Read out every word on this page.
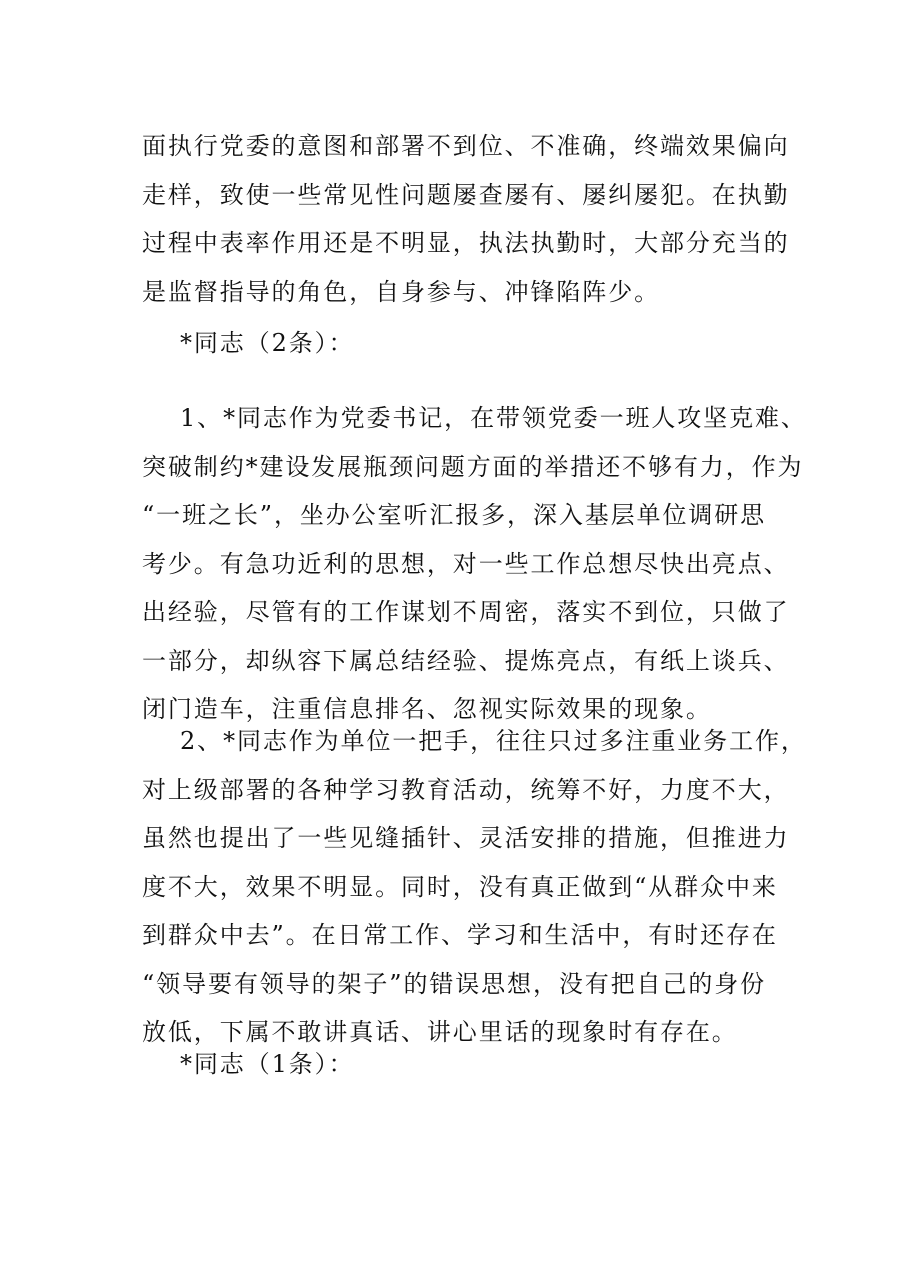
面执行党委的意图和部署不到位、不准确，终端效果偏向
走样，致使一些常见性问题屡查屡有、屡纠屡犯。在执勤
过程中表率作用还是不明显，执法执勤时，大部分充当的
是监督指导的角色，自身参与、冲锋陷阵少。

*同志（2条）：

1、*同志作为党委书记，在带领党委一班人攻坚克难、
突破制约*建设发展瓶颈问题方面的举措还不够有力，作为
“一班之长”，坐办公室听汇报多，深入基层单位调研思
考少。有急功近利的思想，对一些工作总想尽快出亮点、
出经验，尽管有的工作谋划不周密，落实不到位，只做了
一部分，却纵容下属总结经验、提炼亮点，有纸上谈兵、
闭门造车，注重信息排名、忽视实际效果的现象。

2、*同志作为单位一把手，往往只过多注重业务工作，
对上级部署的各种学习教育活动，统筹不好，力度不大，
虽然也提出了一些见缝插针、灵活安排的措施，但推进力
度不大，效果不明显。同时，没有真正做到“从群众中来
到群众中去”。在日常工作、学习和生活中，有时还存在
“领导要有领导的架子”的错误思想，没有把自己的身份
放低，下属不敢讲真话、讲心里话的现象时有存在。

*同志（1条）：
